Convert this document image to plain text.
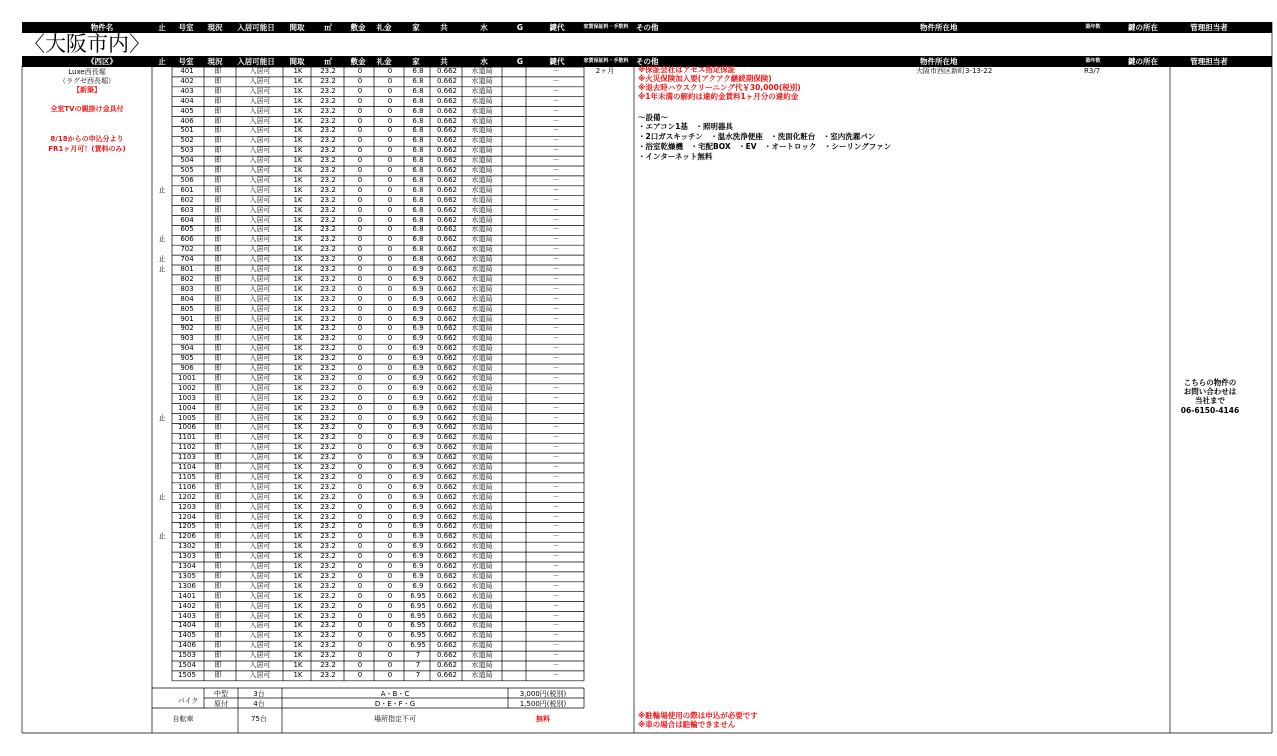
物件名	止	号室	現況	入居可能日	間取	㎡	敷金	礼金	家	共	水	G	鍵代	家賃保証料・手数料	その他	物件所在地	築年数	鍵の所在	管理担当者
〈大阪市内〉
《西区》	止	号室	現況	入居可能日	間取	㎡	敷金	礼金	家	共	水	G	鍵代	家賃保証料・手数料	その他	物件所在地	築年数	鍵の所在	管理担当者
Luxe西長堀
（ラグゼ西長堀）
【新築】
全室TVの親掛け金具付
8/18からの申込分より
FR1ヶ月可！(賃料のみ)
401	即	入居可	1K	23.2	0	0	6.8	0.662	水道局	－
402	即	入居可	1K	23.2	0	0	6.8	0.662	水道局	－
403	即	入居可	1K	23.2	0	0	6.8	0.662	水道局	－
404	即	入居可	1K	23.2	0	0	6.8	0.662	水道局	－
405	即	入居可	1K	23.2	0	0	6.8	0.662	水道局	－
406	即	入居可	1K	23.2	0	0	6.8	0.662	水道局	－
501	即	入居可	1K	23.2	0	0	6.8	0.662	水道局	－
502	即	入居可	1K	23.2	0	0	6.8	0.662	水道局	－
503	即	入居可	1K	23.2	0	0	6.8	0.662	水道局	－
504	即	入居可	1K	23.2	0	0	6.8	0.662	水道局	－
505	即	入居可	1K	23.2	0	0	6.8	0.662	水道局	－
506	即	入居可	1K	23.2	0	0	6.8	0.662	水道局	－
止	601	即	入居可	1K	23.2	0	0	6.8	0.662	水道局	－
602	即	入居可	1K	23.2	0	0	6.8	0.662	水道局	－
603	即	入居可	1K	23.2	0	0	6.8	0.662	水道局	－
604	即	入居可	1K	23.2	0	0	6.8	0.662	水道局	－
605	即	入居可	1K	23.2	0	0	6.8	0.662	水道局	－
止	606	即	入居可	1K	23.2	0	0	6.8	0.662	水道局	－
702	即	入居可	1K	23.2	0	0	6.8	0.662	水道局	－
止	704	即	入居可	1K	23.2	0	0	6.8	0.662	水道局	－
止	801	即	入居可	1K	23.2	0	0	6.9	0.662	水道局	－
802	即	入居可	1K	23.2	0	0	6.9	0.662	水道局	－
803	即	入居可	1K	23.2	0	0	6.9	0.662	水道局	－
804	即	入居可	1K	23.2	0	0	6.9	0.662	水道局	－
805	即	入居可	1K	23.2	0	0	6.9	0.662	水道局	－
901	即	入居可	1K	23.2	0	0	6.9	0.662	水道局	－
902	即	入居可	1K	23.2	0	0	6.9	0.662	水道局	－
903	即	入居可	1K	23.2	0	0	6.9	0.662	水道局	－
904	即	入居可	1K	23.2	0	0	6.9	0.662	水道局	－
905	即	入居可	1K	23.2	0	0	6.9	0.662	水道局	－
906	即	入居可	1K	23.2	0	0	6.9	0.662	水道局	－
1001	即	入居可	1K	23.2	0	0	6.9	0.662	水道局	－
1002	即	入居可	1K	23.2	0	0	6.9	0.662	水道局	－
1003	即	入居可	1K	23.2	0	0	6.9	0.662	水道局	－
1004	即	入居可	1K	23.2	0	0	6.9	0.662	水道局	－
止	1005	即	入居可	1K	23.2	0	0	6.9	0.662	水道局	－
1006	即	入居可	1K	23.2	0	0	6.9	0.662	水道局	－
1101	即	入居可	1K	23.2	0	0	6.9	0.662	水道局	－
1102	即	入居可	1K	23.2	0	0	6.9	0.662	水道局	－
1103	即	入居可	1K	23.2	0	0	6.9	0.662	水道局	－
1104	即	入居可	1K	23.2	0	0	6.9	0.662	水道局	－
1105	即	入居可	1K	23.2	0	0	6.9	0.662	水道局	－
1106	即	入居可	1K	23.2	0	0	6.9	0.662	水道局	－
止	1202	即	入居可	1K	23.2	0	0	6.9	0.662	水道局	－
1203	即	入居可	1K	23.2	0	0	6.9	0.662	水道局	－
1204	即	入居可	1K	23.2	0	0	6.9	0.662	水道局	－
1205	即	入居可	1K	23.2	0	0	6.9	0.662	水道局	－
止	1206	即	入居可	1K	23.2	0	0	6.9	0.662	水道局	－
1302	即	入居可	1K	23.2	0	0	6.9	0.662	水道局	－
1303	即	入居可	1K	23.2	0	0	6.9	0.662	水道局	－
1304	即	入居可	1K	23.2	0	0	6.9	0.662	水道局	－
1305	即	入居可	1K	23.2	0	0	6.9	0.662	水道局	－
1306	即	入居可	1K	23.2	0	0	6.9	0.662	水道局	－
1401	即	入居可	1K	23.2	0	0	6.95	0.662	水道局	－
1402	即	入居可	1K	23.2	0	0	6.95	0.662	水道局	－
1403	即	入居可	1K	23.2	0	0	6.95	0.662	水道局	－
1404	即	入居可	1K	23.2	0	0	6.95	0.662	水道局	－
1405	即	入居可	1K	23.2	0	0	6.95	0.662	水道局	－
1406	即	入居可	1K	23.2	0	0	6.95	0.662	水道局	－
1503	即	入居可	1K	23.2	0	0	7	0.662	水道局	－
1504	即	入居可	1K	23.2	0	0	7	0.662	水道局	－
1505	即	入居可	1K	23.2	0	0	7	0.662	水道局	－
2ヶ月	大阪市西区新町3-13-22	R3/7
※保証会社はアセス指定保証
※火災保険加入要(アクアク継続期保険)
※退去時ハウスクリーニング代￥30,000(税別)
※1年未満の解約は違約金賃料1ヶ月分の違約金
～設備～
・エアコン1基　・照明器具
・2口ガスキッチン　・温水洗浄便座　・洗面化粧台　・室内洗濯パン
・浴室乾燥機　・宅配BOX　・EV　・オートロック　・シーリングファン
・インターネット無料
こちらの物件の
お問い合わせは
当社まで
06-6150-4146
バイク
中型	3台	A・B・C	3,000円(税別)
原付	4台	D・E・F・G	1,500円(税別)
自転車	75台	場所指定不可	無料	※駐輪場使用の際は申込が必要です
※車の場合は駐輪できません
